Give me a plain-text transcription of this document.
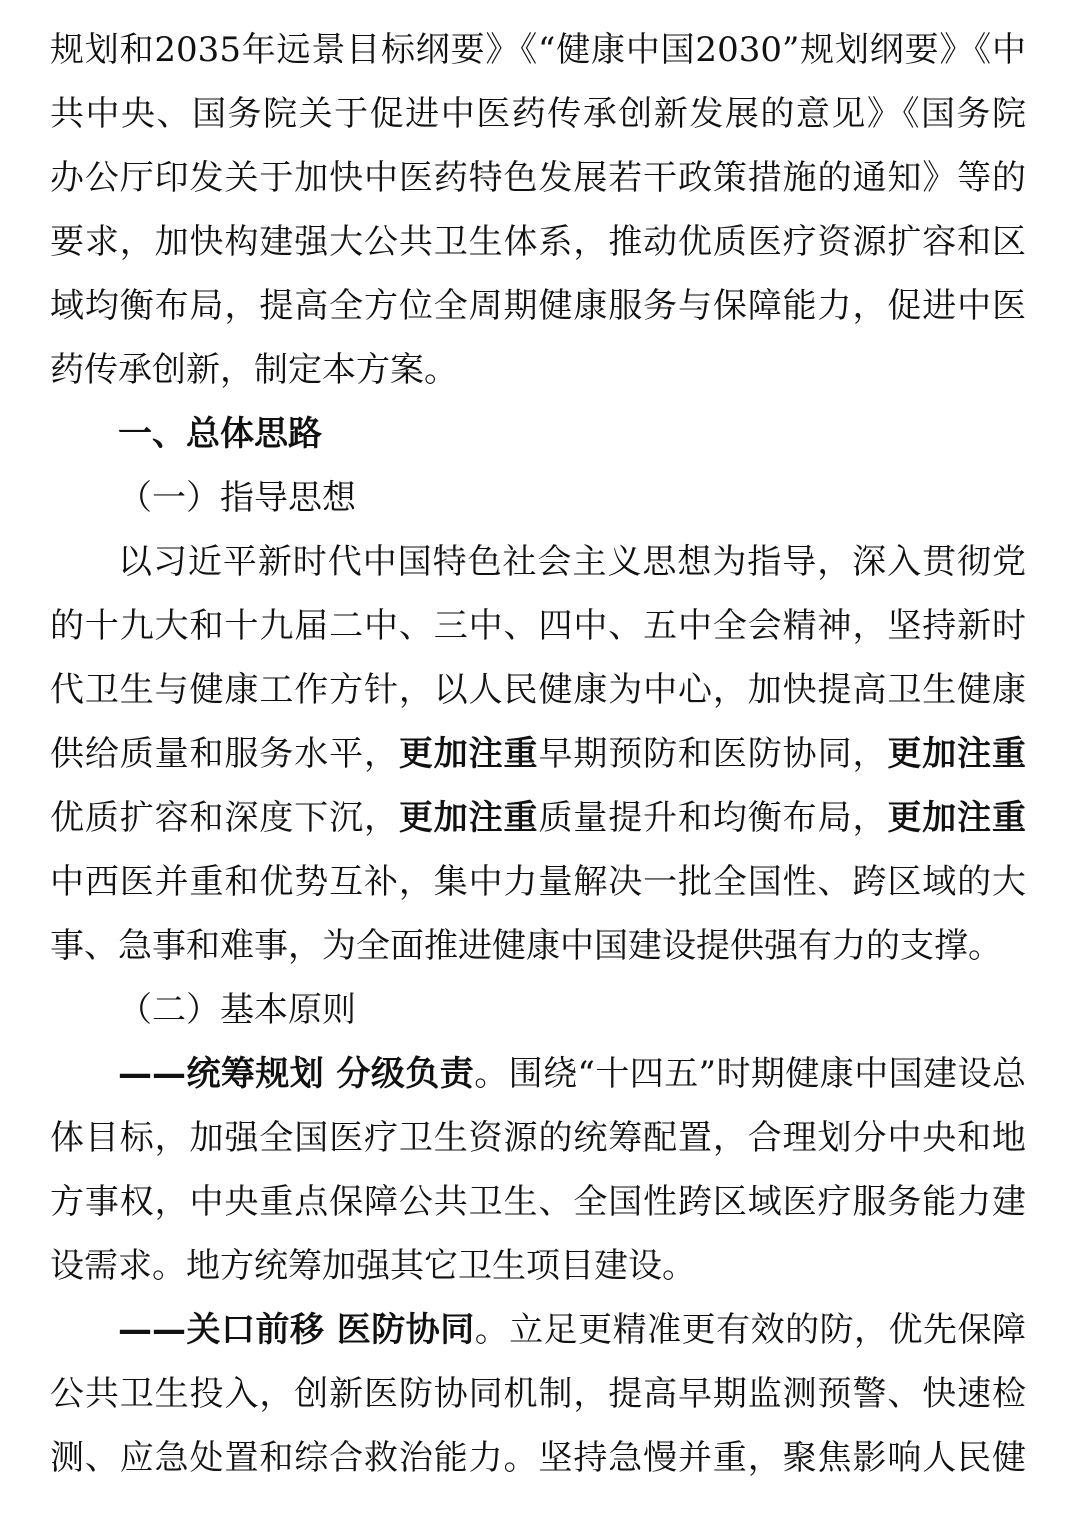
规划和2035年远景目标纲要》《“健康中国2030”规划纲要》《中
共中央、国务院关于促进中医药传承创新发展的意见》《国务院
办公厅印发关于加快中医药特色发展若干政策措施的通知》等的
要求，加快构建强大公共卫生体系，推动优质医疗资源扩容和区
域均衡布局，提高全方位全周期健康服务与保障能力，促进中医
药传承创新，制定本方案。
一、总体思路
（一）指导思想
以习近平新时代中国特色社会主义思想为指导，深入贯彻党
的十九大和十九届二中、三中、四中、五中全会精神，坚持新时
代卫生与健康工作方针，以人民健康为中心，加快提高卫生健康
供给质量和服务水平，更加注重早期预防和医防协同，更加注重
优质扩容和深度下沉，更加注重质量提升和均衡布局，更加注重
中西医并重和优势互补，集中力量解决一批全国性、跨区域的大
事、急事和难事，为全面推进健康中国建设提供强有力的支撑。
（二）基本原则
——统筹规划 分级负责。围绕“十四五”时期健康中国建设总
体目标，加强全国医疗卫生资源的统筹配置，合理划分中央和地
方事权，中央重点保障公共卫生、全国性跨区域医疗服务能力建
设需求。地方统筹加强其它卫生项目建设。
——关口前移 医防协同。立足更精准更有效的防，优先保障
公共卫生投入，创新医防协同机制，提高早期监测预警、快速检
测、应急处置和综合救治能力。坚持急慢并重，聚焦影响人民健
